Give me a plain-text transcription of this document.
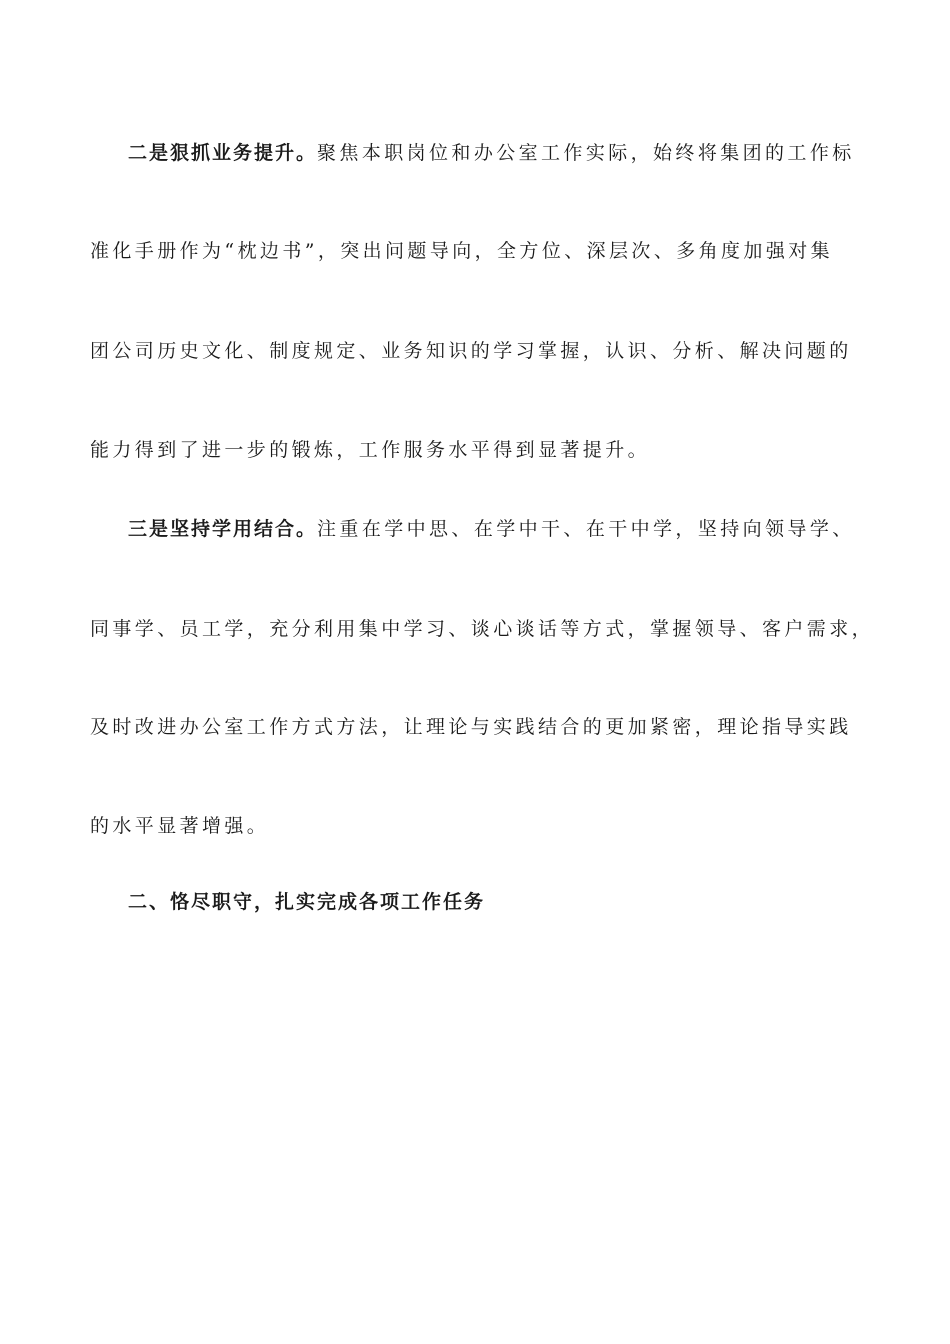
二是狠抓业务提升。聚焦本职岗位和办公室工作实际，始终将集团的工作标
准化手册作为“枕边书”，突出问题导向，全方位、深层次、多角度加强对集
团公司历史文化、制度规定、业务知识的学习掌握，认识、分析、解决问题的
能力得到了进一步的锻炼，工作服务水平得到显著提升。
三是坚持学用结合。注重在学中思、在学中干、在干中学，坚持向领导学、
同事学、员工学，充分利用集中学习、谈心谈话等方式，掌握领导、客户需求，
及时改进办公室工作方式方法，让理论与实践结合的更加紧密，理论指导实践
的水平显著增强。
二、恪尽职守，扎实完成各项工作任务
